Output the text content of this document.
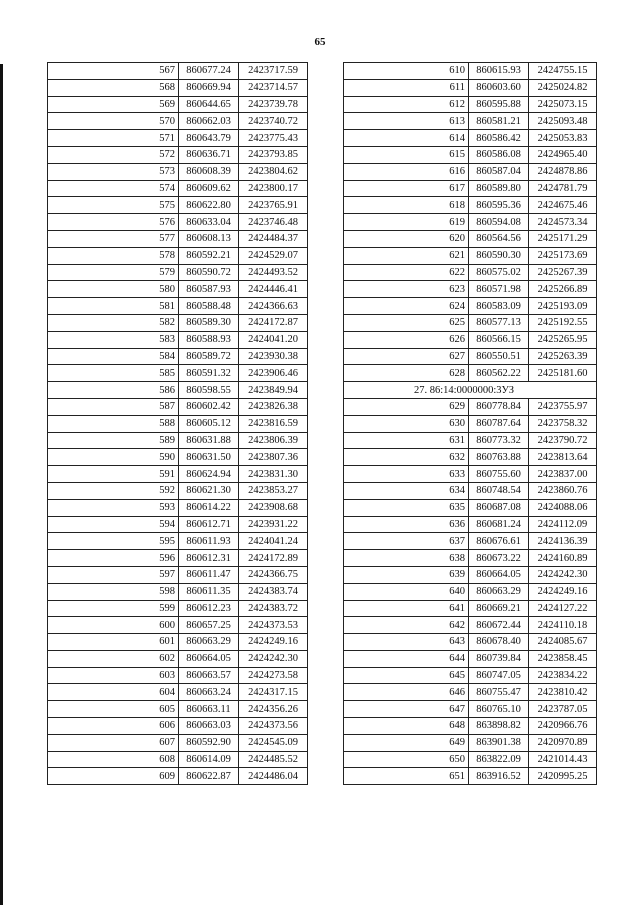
65
567	860677.24	2423717.59
568	860669.94	2423714.57
569	860644.65	2423739.78
570	860662.03	2423740.72
571	860643.79	2423775.43
572	860636.71	2423793.85
573	860608.39	2423804.62
574	860609.62	2423800.17
575	860622.80	2423765.91
576	860633.04	2423746.48
577	860608.13	2424484.37
578	860592.21	2424529.07
579	860590.72	2424493.52
580	860587.93	2424446.41
581	860588.48	2424366.63
582	860589.30	2424172.87
583	860588.93	2424041.20
584	860589.72	2423930.38
585	860591.32	2423906.46
586	860598.55	2423849.94
587	860602.42	2423826.38
588	860605.12	2423816.59
589	860631.88	2423806.39
590	860631.50	2423807.36
591	860624.94	2423831.30
592	860621.30	2423853.27
593	860614.22	2423908.68
594	860612.71	2423931.22
595	860611.93	2424041.24
596	860612.31	2424172.89
597	860611.47	2424366.75
598	860611.35	2424383.74
599	860612.23	2424383.72
600	860657.25	2424373.53
601	860663.29	2424249.16
602	860664.05	2424242.30
603	860663.57	2424273.58
604	860663.24	2424317.15
605	860663.11	2424356.26
606	860663.03	2424373.56
607	860592.90	2424545.09
608	860614.09	2424485.52
609	860622.87	2424486.04
610	860615.93	2424755.15
611	860603.60	2425024.82
612	860595.88	2425073.15
613	860581.21	2425093.48
614	860586.42	2425053.83
615	860586.08	2424965.40
616	860587.04	2424878.86
617	860589.80	2424781.79
618	860595.36	2424675.46
619	860594.08	2424573.34
620	860564.56	2425171.29
621	860590.30	2425173.69
622	860575.02	2425267.39
623	860571.98	2425266.89
624	860583.09	2425193.09
625	860577.13	2425192.55
626	860566.15	2425265.95
627	860550.51	2425263.39
628	860562.22	2425181.60
27. 86:14:0000000:3УЗ		
629	860778.84	2423755.97
630	860787.64	2423758.32
631	860773.32	2423790.72
632	860763.88	2423813.64
633	860755.60	2423837.00
634	860748.54	2423860.76
635	860687.08	2424088.06
636	860681.24	2424112.09
637	860676.61	2424136.39
638	860673.22	2424160.89
639	860664.05	2424242.30
640	860663.29	2424249.16
641	860669.21	2424127.22
642	860672.44	2424110.18
643	860678.40	2424085.67
644	860739.84	2423858.45
645	860747.05	2423834.22
646	860755.47	2423810.42
647	860765.10	2423787.05
648	863898.82	2420966.76
649	863901.38	2420970.89
650	863822.09	2421014.43
651	863916.52	2420995.25
